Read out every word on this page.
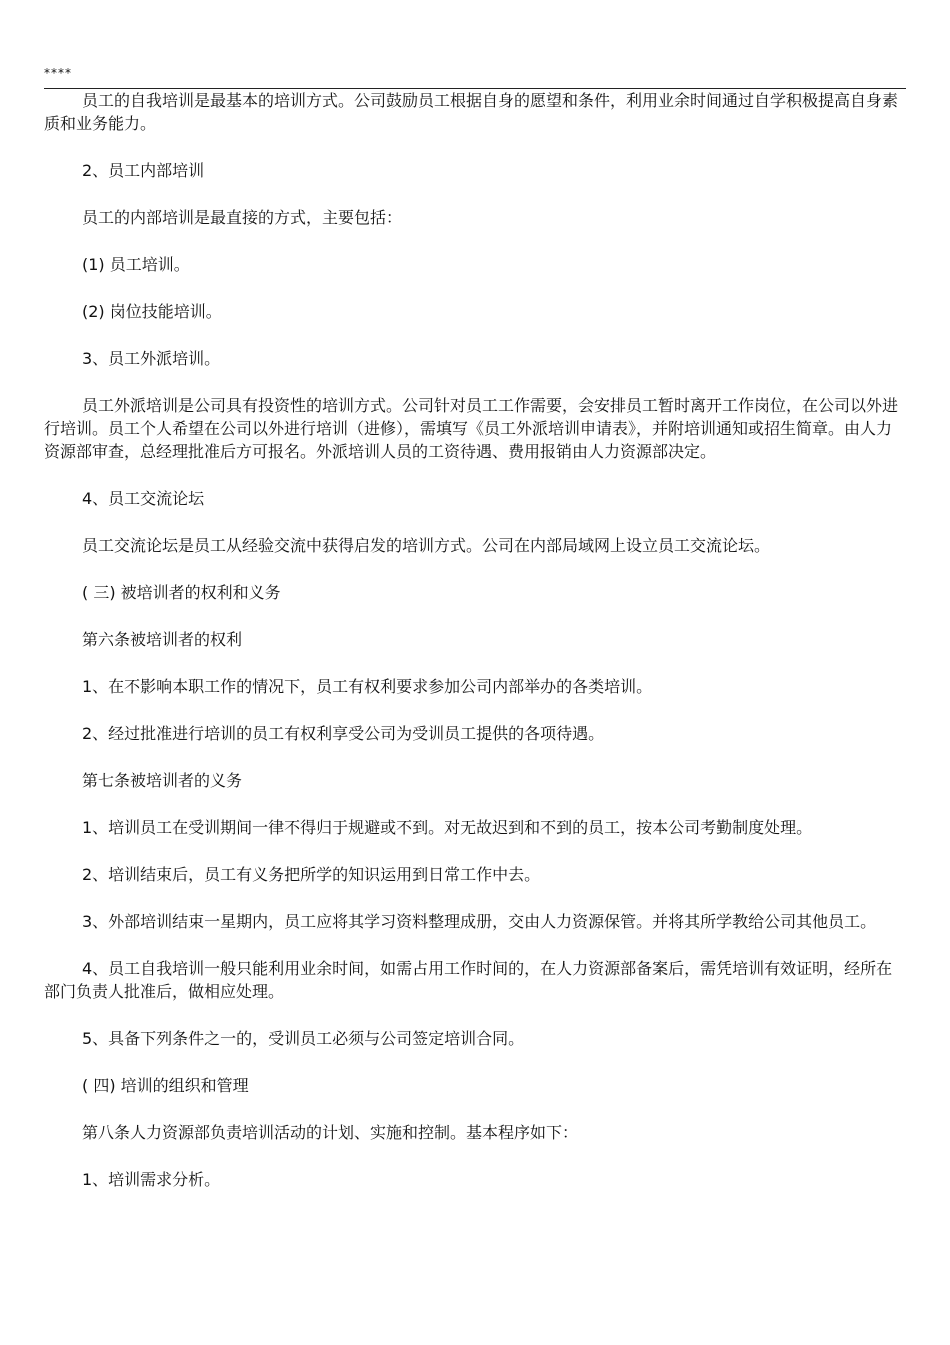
****

员工的自我培训是最基本的培训方式。公司鼓励员工根据自身的愿望和条件，利用业余时间通过自学积极提高自身素质和业务能力。

2、员工内部培训

员工的内部培训是最直接的方式，主要包括：

(1) 员工培训。

(2) 岗位技能培训。

3、员工外派培训。

员工外派培训是公司具有投资性的培训方式。公司针对员工工作需要，会安排员工暂时离开工作岗位，在公司以外进行培训。员工个人希望在公司以外进行培训（进修），需填写《员工外派培训申请表》，并附培训通知或招生简章。由人力资源部审查，总经理批准后方可报名。外派培训人员的工资待遇、费用报销由人力资源部决定。

4、员工交流论坛

员工交流论坛是员工从经验交流中获得启发的培训方式。公司在内部局域网上设立员工交流论坛。

( 三) 被培训者的权利和义务

第六条被培训者的权利

1、在不影响本职工作的情况下，员工有权利要求参加公司内部举办的各类培训。

2、经过批准进行培训的员工有权利享受公司为受训员工提供的各项待遇。

第七条被培训者的义务

1、培训员工在受训期间一律不得归于规避或不到。对无故迟到和不到的员工，按本公司考勤制度处理。

2、培训结束后，员工有义务把所学的知识运用到日常工作中去。

3、外部培训结束一星期内，员工应将其学习资料整理成册，交由人力资源保管。并将其所学教给公司其他员工。

4、员工自我培训一般只能利用业余时间，如需占用工作时间的，在人力资源部备案后，需凭培训有效证明，经所在部门负责人批准后，做相应处理。

5、具备下列条件之一的，受训员工必须与公司签定培训合同。

( 四) 培训的组织和管理

第八条人力资源部负责培训活动的计划、实施和控制。基本程序如下：

1、培训需求分析。
